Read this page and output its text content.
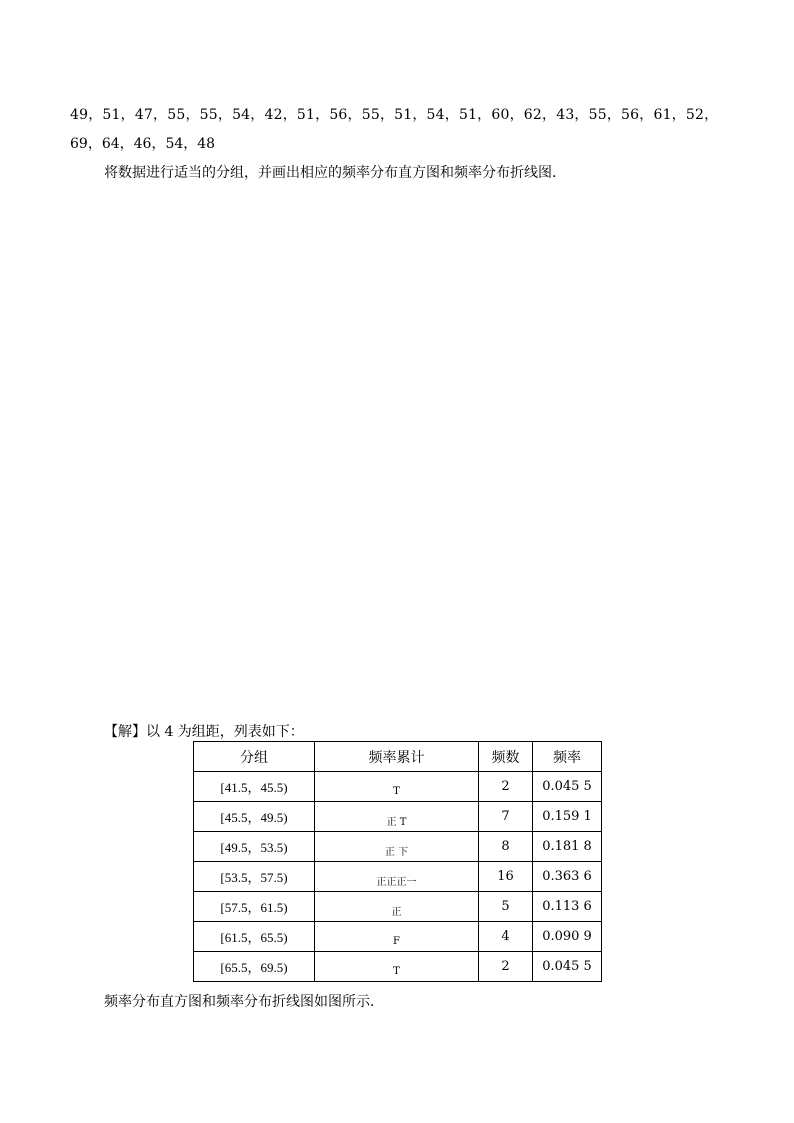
49，51，47，55，55，54，42，51，56，55，51，54，51，60，62，43，55，56，61，52，
69，64，46，54，48
将数据进行适当的分组，并画出相应的频率分布直方图和频率分布折线图．
【解】以 4 为组距，列表如下：
分组	频率累计	频数	频率
[41.5，45.5)	$_T$	2	0.045 5
[45.5，49.5)	$_{正 T}$	7	0.159 1
[49.5，53.5)	$_{正 下}$	8	0.181 8
[53.5，57.5)	$_{正正正一}$	16	0.363 6
[57.5，61.5)	$_正$	5	0.113 6
[61.5，65.5)	$_F$	4	0.090 9
[65.5，69.5)	$_T$	2	0.045 5
频率分布直方图和频率分布折线图如图所示．
